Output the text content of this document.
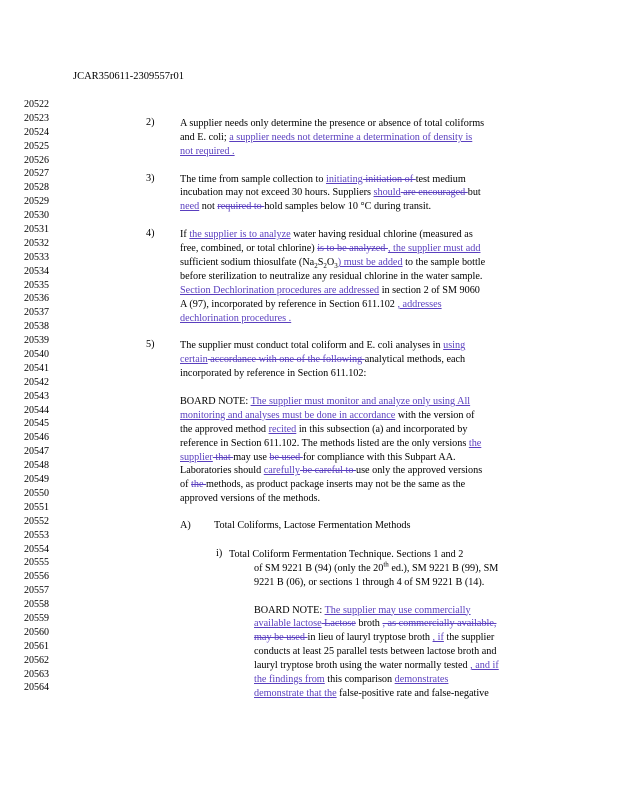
JCAR350611-2309557r01
20522
20523
20524
20525
20526
20527
20528
20529
20530
20531
20532
20533
20534
20535
20536
20537
20538
20539
20540
20541
20542
20543
20544
20545
20546
20547
20548
20549
20550
20551
20552
20553
20554
20555
20556
20557
20558
20559
20560
20561
20562
20563
20564
2)	A supplier needs only determine the presence or absence of total coliforms
and E. coli; a supplier needs not determine a determination of density is
not required .
3)	The time from sample collection to initiating initiation of test medium
incubation may not exceed 30 hours. Suppliers should are encouraged but
need not required to hold samples below 10 °C during transit.
4)	If the supplier is to analyze water having residual chlorine (measured as
free, combined, or total chlorine) is to be analyzed , the supplier must add
sufficient sodium thiosulfate $(Na_2S_2O_3)$ must be added to the sample bottle
before sterilization to neutralize any residual chlorine in the water sample.
Section Dechlorination procedures are addressed in section 2 of SM 9060
A (97), incorporated by reference in Section 611.102 , addresses
dechlorination procedures .
5)	The supplier must conduct total coliform and E. coli analyses in using
certain accordance with one of the following analytical methods, each
incorporated by reference in Section 611.102:
BOARD NOTE: The supplier must monitor and analyze only using All
monitoring and analyses must be done in accordance with the version of
the approved method recited in this subsection (a) and incorporated by
reference in Section 611.102. The methods listed are the only versions the
supplier that may use be used for compliance with this Subpart AA.
Laboratories should carefully be careful to use only the approved versions
of the methods, as product package inserts may not be the same as the
approved versions of the methods.
A) Total Coliforms, Lactose Fermentation Methods
i) Total Coliform Fermentation Technique. Sections 1 and 2
of SM 9221 B (94) (only the 20th ed.), SM 9221 B (99), SM
9221 B (06), or sections 1 through 4 of SM 9221 B (14).
BOARD NOTE: The supplier may use commercially
available lactose Lactose broth , as commercially available,
may be used in lieu of lauryl tryptose broth , if the supplier
conducts at least 25 parallel tests between lactose broth and
lauryl tryptose broth using the water normally tested , and if
the findings from this comparison demonstrates
demonstrate that the false-positive rate and false-negative
